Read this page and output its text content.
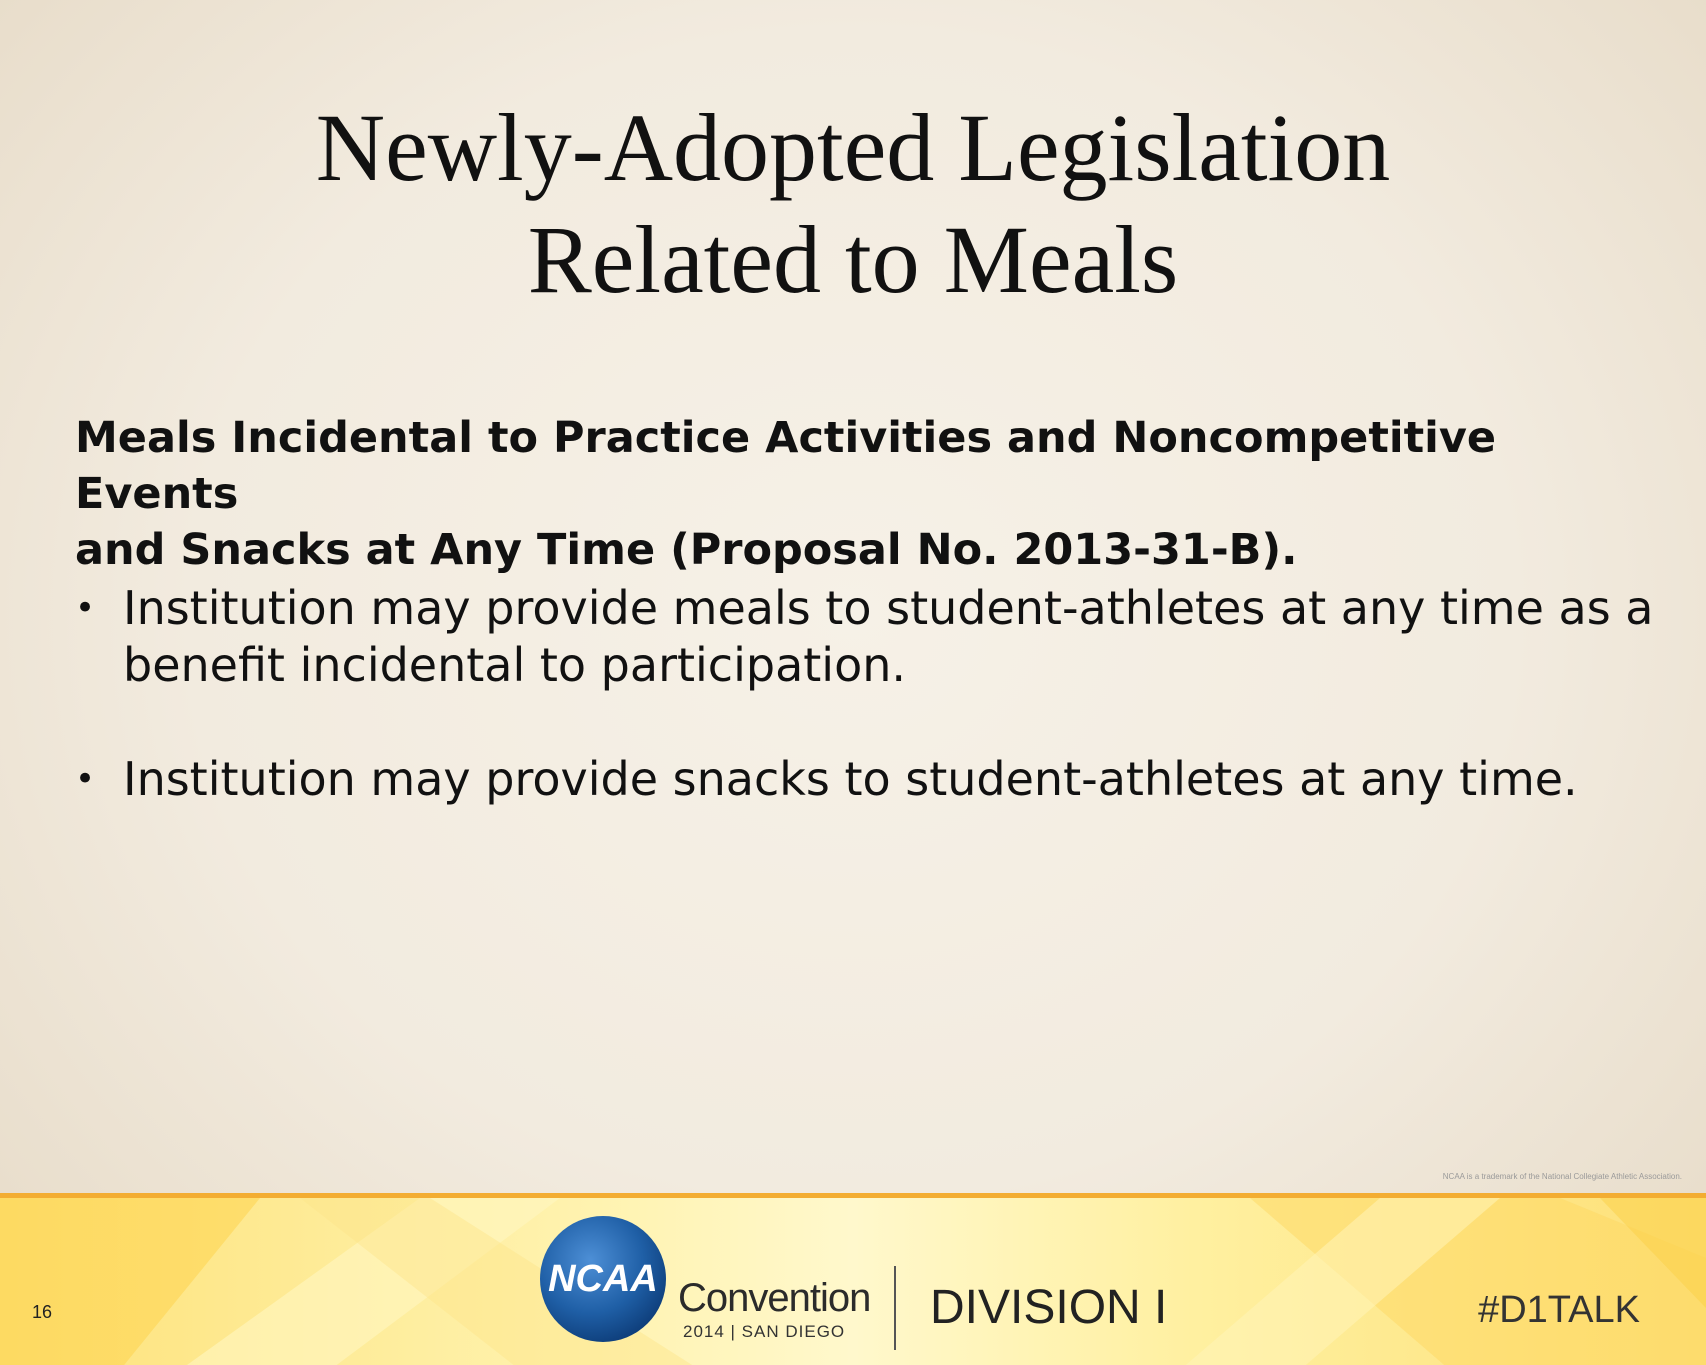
Newly-Adopted Legislation
Related to Meals
Meals Incidental to Practice Activities and Noncompetitive Events
and Snacks at Any Time (Proposal No. 2013-31-B).
• Institution may provide meals to student-athletes at any time as a
benefit incidental to participation.
• Institution may provide snacks to student-athletes at any time.
NCAA is a trademark of the National Collegiate Athletic Association.
16
NCAA Convention
2014 | SAN DIEGO DIVISION I	#D1TALK
